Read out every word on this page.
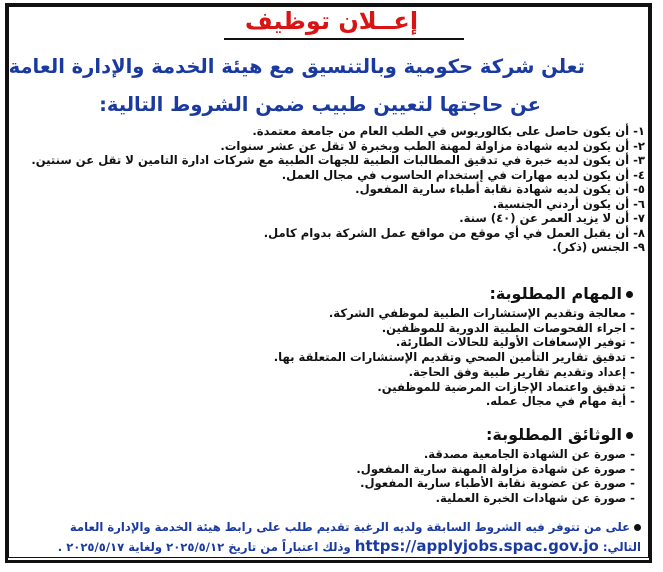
إعــلان توظيف
تعلن شركة حكومية وبالتنسيق مع هيئة الخدمة والإدارة العامة
عن حاجتها لتعيين طبيب ضمن الشروط التالية:
١- أن يكون حاصل على بكالوريوس في الطب العام من جامعة معتمدة.
٢- أن يكون لديه شهادة مزاولة لمهنة الطب وبخبرة لا تقل عن عشر سنوات.
٣- أن يكون لديه خبرة في تدقيق المطالبات الطبية للجهات الطبية مع شركات ادارة التامين لا تقل عن سنتين.
٤- أن يكون لديه مهارات في إستخدام الحاسوب في مجال العمل.
٥- أن يكون لديه شهادة نقابة أطباء سارية المفعول.
٦- أن يكون أردني الجنسية.
٧- أن لا يزيد العمر عن (٤٠) سنة.
٨- أن يقبل العمل في أي موقع من مواقع عمل الشركة بدوام كامل.
٩- الجنس (ذكر).
المهام المطلوبة:
- معالجة وتقديم الإستشارات الطبية لموظفي الشركة.
- اجراء الفحوصات الطبية الدورية للموظفين.
- توفير الإسعافات الأولية للحالات الطارئة.
- تدقيق تقارير التأمين الصحي وتقديم الإستشارات المتعلقة بها.
- إعداد وتقديم تقارير طبية وفق الحاجة.
- تدقيق واعتماد الإجازات المرضية للموظفين.
- أية مهام في مجال عمله.
الوثائق المطلوبة:
- صورة عن الشهادة الجامعية مصدقة.
- صورة عن شهادة مزاولة المهنة سارية المفعول.
- صورة عن عضوية نقابة الأطباء سارية المفعول.
- صورة عن شهادات الخبرة العملية.
على من تتوفر فيه الشروط السابقة ولديه الرغبة تقديم طلب على رابط هيئة الخدمة والإدارة العامة
التالي: https://applyjobs.spac.gov.jo وذلك اعتباراً من تاريخ ٢٠٢٥/٥/١٢ ولغاية ٢٠٢٥/٥/١٧ .
